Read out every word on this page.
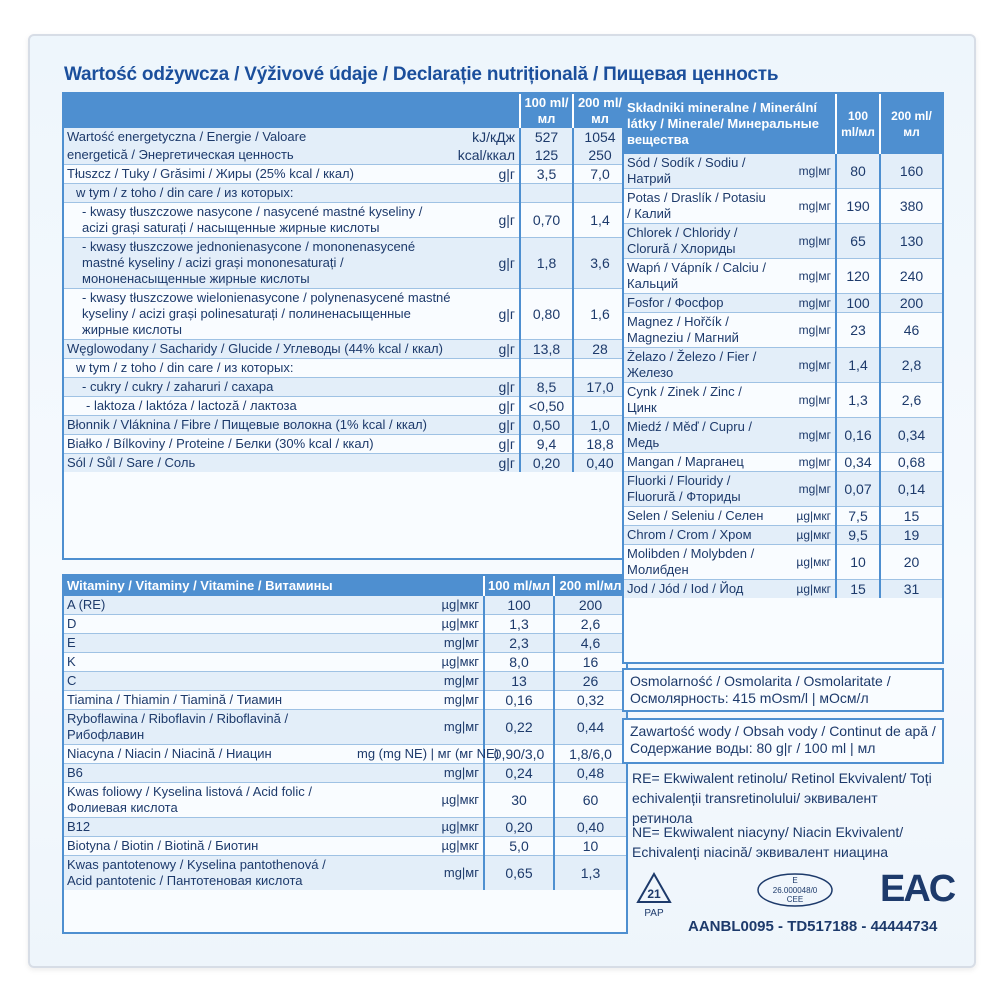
Wartość odżywcza / Výživové údaje / Declarație nutrițională / Пищевая ценность
		100 ml/мл	200 ml/мл
Wartość energetyczna / Energie / Valoare	kJ/кДж	527	1054
energetică / Энергетическая ценность	kcal/ккал	125	250
Tłuszcz / Tuky / Grăsimi / Жиры (25% kcal / ккал)	g|г	3,5	7,0
w tym / z toho / din care / из которых:			
- kwasy tłuszczowe nasycone / nasycené mastné kyseliny / acizi grași saturați / насыщенные жирные кислоты	g|г	0,70	1,4
- kwasy tłuszczowe jednonienasycone / mononenasycené mastné kyseliny / acizi grași mononesaturați / мононенасыщенные жирные кислоты	g|г	1,8	3,6
- kwasy tłuszczowe wielonienasycone / polynenasycené mastné kyseliny / acizi grași polinesaturați / полиненасыщенные жирные кислоты	g|г	0,80	1,6
Węglowodany / Sacharidy / Glucide / Углеводы (44% kcal / ккал)	g|г	13,8	28
w tym / z toho / din care / из которых:			
- cukry / cukry / zaharuri / сахара	g|г	8,5	17,0
- laktoza / laktóza / lactoză / лактоза	g|г	<0,50	
Błonnik / Vláknina / Fibre / Пищевые волокна (1% kcal / ккал)	g|г	0,50	1,0
Białko / Bílkoviny / Proteine / Белки (30% kcal / ккал)	g|г	9,4	18,8
Sól / Sůl / Sare / Соль	g|г	0,20	0,40
Witaminy / Vitaminy / Vitamine / Витамины		100 ml/мл	200 ml/мл
A (RE)	µg|мкг	100	200
D	µg|мкг	1,3	2,6
E	mg|мг	2,3	4,6
K	µg|мкг	8,0	16
C	mg|мг	13	26
Tiamina / Thiamin / Tiamină / Тиамин	mg|мг	0,16	0,32
Ryboflawina / Riboflavin / Riboflavină / Рибофлавин	mg|мг	0,22	0,44
Niacyna / Niacin / Niacină / Ниацин	mg (mg NE) | мг (мг NE)	0,90/3,0	1,8/6,0
B6	mg|мг	0,24	0,48
Kwas foliowy / Kyselina listová / Acid folic / Фолиевая кислота	µg|мкг	30	60
B12	µg|мкг	0,20	0,40
Biotyna / Biotin / Biotină / Биотин	µg|мкг	5,0	10
Kwas pantotenowy / Kyselina pantothenová / Acid pantotenic / Пантотеновая кислота	mg|мг	0,65	1,3
Składniki mineralne / Minerální látky / Minerale/ Минеральные вещества		100 ml/мл	200 ml/мл
Sód / Sodík / Sodiu / Натрий	mg|мг	80	160
Potas / Draslík / Potasiu / Калий	mg|мг	190	380
Chlorek / Chloridy / Clorură / Хлориды	mg|мг	65	130
Wapń / Vápník / Calciu / Кальций	mg|мг	120	240
Fosfor / Фосфор	mg|мг	100	200
Magnez / Hořčík / Magneziu / Магний	mg|мг	23	46
Żelazo / Železo / Fier / Железо	mg|мг	1,4	2,8
Cynk / Zinek / Zinc / Цинк	mg|мг	1,3	2,6
Miedź / Měď / Cupru / Медь	mg|мг	0,16	0,34
Mangan / Марганец	mg|мг	0,34	0,68
Fluorki / Flouridy / Fluorură / Фториды	mg|мг	0,07	0,14
Selen / Seleniu / Селен	µg|мкг	7,5	15
Chrom / Crom / Хром	µg|мкг	9,5	19
Molibden / Molybden / Молибден	µg|мкг	10	20
Jod / Jód / Iod / Йод	µg|мкг	15	31
Osmolarność / Osmolarita / Osmolaritate /
Осмолярность: 415 mOsm/l | мОсм/л
Zawartość wody / Obsah vody / Continut de apă /
Содержание воды: 80 g|г / 100 ml | мл
RE= Ekwiwalent retinolu/ Retinol Ekvivalent/ Toți echivalenții transretinolului/ эквивалент ретинола
NE= Ekwiwalent niacyny/ Niacin Ekvivalent/ Echivalenți niacină/ эквивалент ниацина
21
PAP
E
26.000048/0
CEE EAC
AANBL0095 - TD517188 - 44444734
